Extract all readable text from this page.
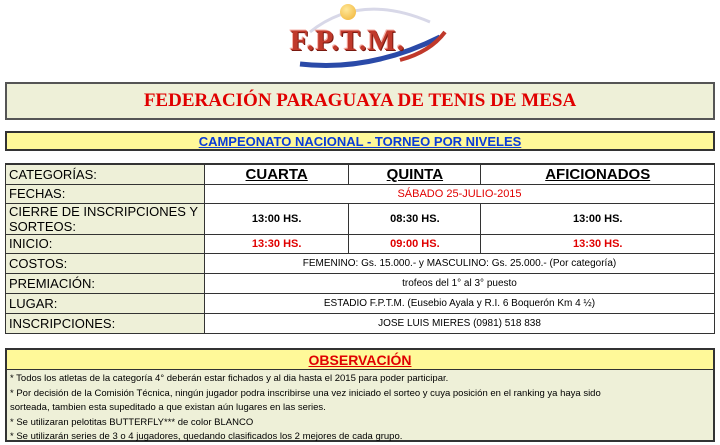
F.P.T.M.
FEDERACIÓN PARAGUAYA DE TENIS DE MESA
CAMPEONATO NACIONAL - TORNEO POR NIVELES
CATEGORÍAS:	CUARTA	QUINTA	AFICIONADOS
FECHAS:	SÁBADO 25-JULIO-2015		
CIERRE DE INSCRIPCIONES Y SORTEOS:	13:00 HS.	08:30 HS.	13:00 HS.
INICIO:	13:30 HS.	09:00 HS.	13:30 HS.
COSTOS:	FEMENINO: Gs. 15.000.- y MASCULINO: Gs. 25.000.- (Por categoría)		
PREMIACIÓN:	trofeos del 1° al 3° puesto		
LUGAR:	ESTADIO F.P.T.M. (Eusebio Ayala y R.I. 6 Boquerón Km 4 ½)		
INSCRIPCIONES:	JOSE LUIS MIERES (0981) 518 838		
OBSERVACIÓN
* Todos los atletas de la categoría 4° deberán estar fichados y al dia hasta el 2015 para poder participar.
* Por decisión de la Comisión Técnica, ningún jugador podra inscribirse una vez iniciado el sorteo y cuya posición en el ranking ya haya sido
sorteada, tambien esta supeditado a que existan aún lugares en las series.
* Se utilizaran pelotitas BUTTERFLY*** de color BLANCO
* Se utilizarán series de 3 o 4 jugadores, quedando clasificados los 2 mejores de cada grupo.
